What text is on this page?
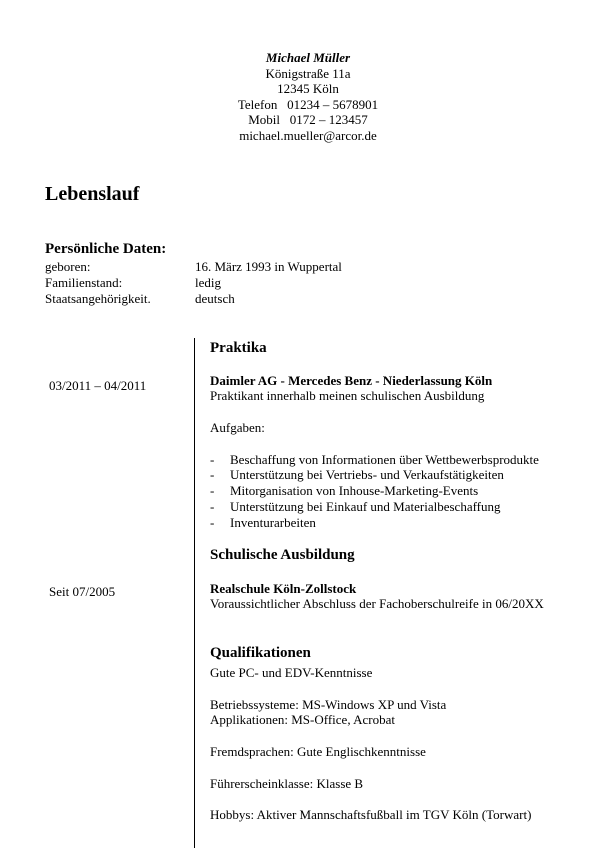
Michael Müller
Königstraße 11a
12345 Köln
Telefon   01234 – 5678901
Mobil   0172 – 123457
michael.mueller@arcor.de
Lebenslauf
Persönliche Daten:
geboren:	16. März 1993 in Wuppertal
Familienstand:	ledig
Staatsangehörigkeit.	deutsch
Praktika
03/2011 – 04/2011	Daimler AG - Mercedes Benz - Niederlassung Köln
Praktikant innerhalb meinen schulischen Ausbildung
Aufgaben:
- Beschaffung von Informationen über Wettbewerbsprodukte
- Unterstützung bei Vertriebs- und Verkaufstätigkeiten
- Mitorganisation von Inhouse-Marketing-Events
- Unterstützung bei Einkauf und Materialbeschaffung
- Inventurarbeiten
Schulische Ausbildung
Seit 07/2005	Realschule Köln-Zollstock
Voraussichtlicher Abschluss der Fachoberschulreife in 06/20XX
Qualifikationen
Gute PC- und EDV-Kenntnisse
Betriebssysteme: MS-Windows XP und Vista
Applikationen: MS-Office, Acrobat
Fremdsprachen: Gute Englischkenntnisse
Führerscheinklasse: Klasse B
Hobbys: Aktiver Mannschaftsfußball im TGV Köln (Torwart)
